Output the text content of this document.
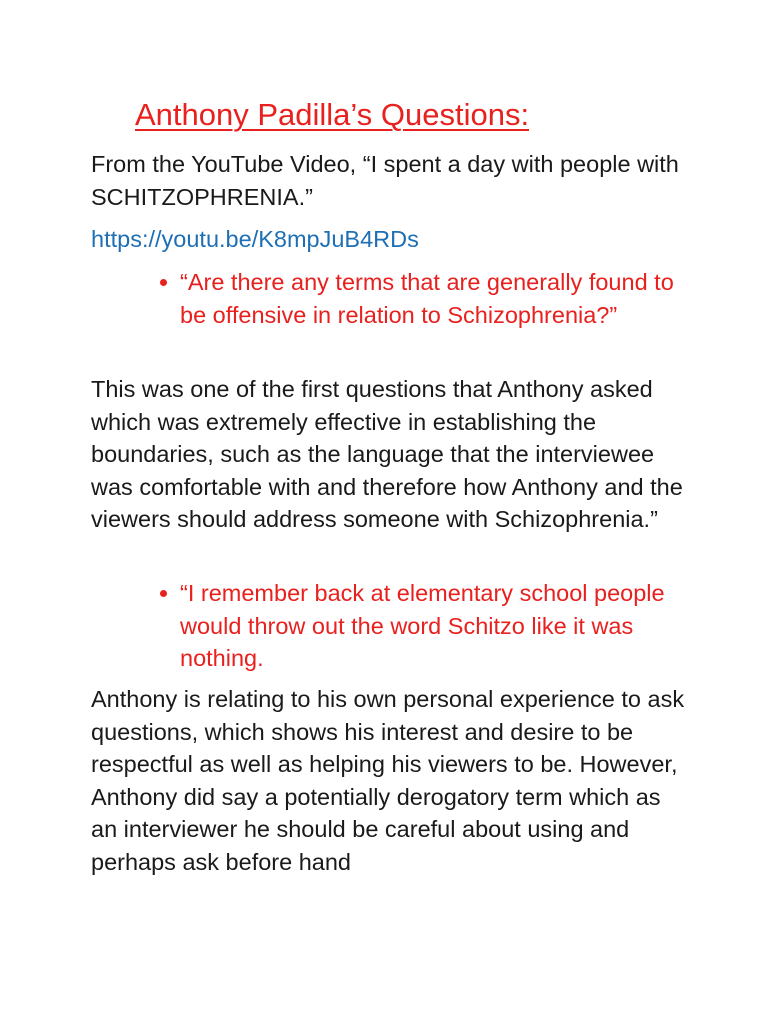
Anthony Padilla’s Questions:

From the YouTube Video, “I spent a day with people with SCHITZOPHRENIA.”

https://youtu.be/K8mpJuB4RDs
“Are there any terms that are generally found to be offensive in relation to Schizophrenia?”

This was one of the first questions that Anthony asked which was extremely effective in establishing the boundaries, such as the language that the interviewee was comfortable with and therefore how Anthony and the viewers should address someone with Schizophrenia.”

“I remember back at elementary school people would throw out the word Schitzo like it was nothing.

Anthony is relating to his own personal experience to ask questions, which shows his interest and desire to be respectful as well as helping his viewers to be. However, Anthony did say a potentially derogatory term which as an interviewer he should be careful about using and perhaps ask before hand
